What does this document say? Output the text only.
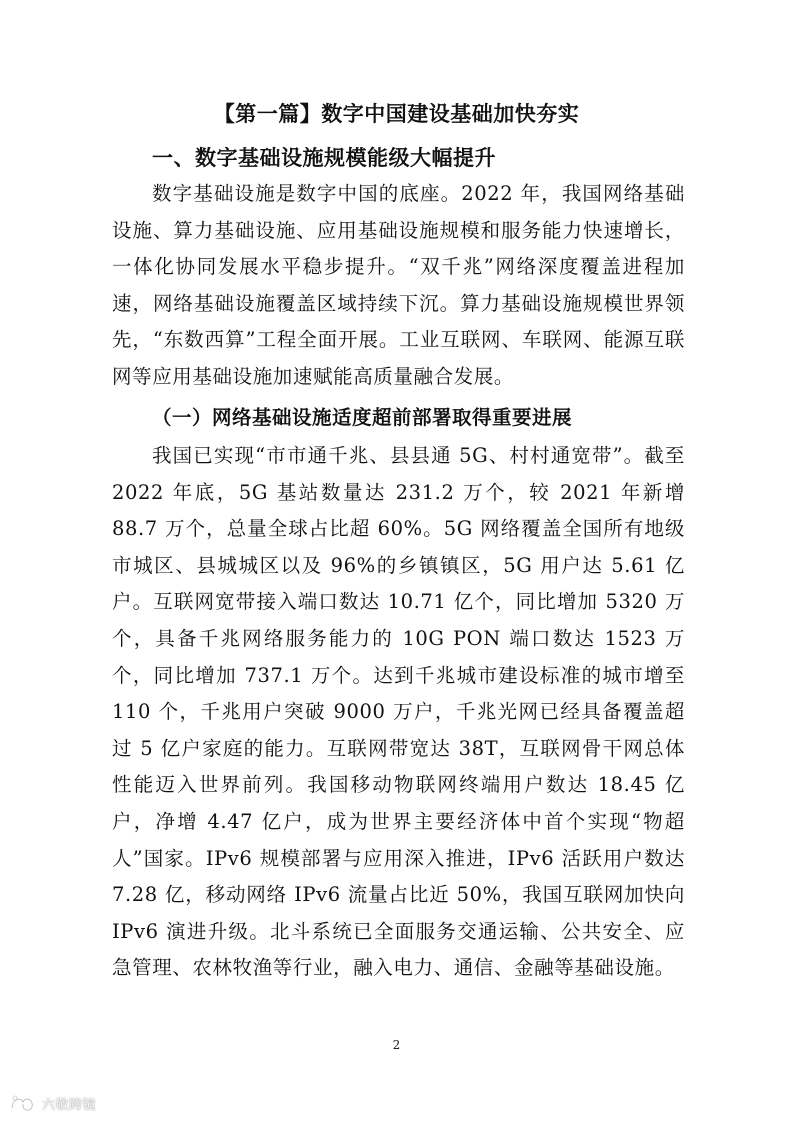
【第一篇】数字中国建设基础加快夯实
一、数字基础设施规模能级大幅提升

数字基础设施是数字中国的底座。2022 年，我国网络基础设施、算力基础设施、应用基础设施规模和服务能力快速增长，一体化协同发展水平稳步提升。“双千兆”网络深度覆盖进程加速，网络基础设施覆盖区域持续下沉。算力基础设施规模世界领先，“东数西算”工程全面开展。工业互联网、车联网、能源互联网等应用基础设施加速赋能高质量融合发展。

（一）网络基础设施适度超前部署取得重要进展

我国已实现“市市通千兆、县县通 5G、村村通宽带”。截至 2022 年底，5G 基站数量达 231.2 万个，较 2021 年新增 88.7 万个，总量全球占比超 60%。5G 网络覆盖全国所有地级市城区、县城城区以及 96%的乡镇镇区，5G 用户达 5.61 亿户。互联网宽带接入端口数达 10.71 亿个，同比增加 5320 万个，具备千兆网络服务能力的 10G PON 端口数达 1523 万个，同比增加 737.1 万个。达到千兆城市建设标准的城市增至 110 个，千兆用户突破 9000 万户，千兆光网已经具备覆盖超过 5 亿户家庭的能力。互联网带宽达 38T，互联网骨干网总体性能迈入世界前列。我国移动物联网终端用户数达 18.45 亿户，净增 4.47 亿户，成为世界主要经济体中首个实现“物超人”国家。IPv6 规模部署与应用深入推进，IPv6 活跃用户数达 7.28 亿，移动网络 IPv6 流量占比近 50%，我国互联网加快向 IPv6 演进升级。北斗系统已全面服务交通运输、公共安全、应急管理、农林牧渔等行业，融入电力、通信、金融等基础设施。

2
六敬跨镜
